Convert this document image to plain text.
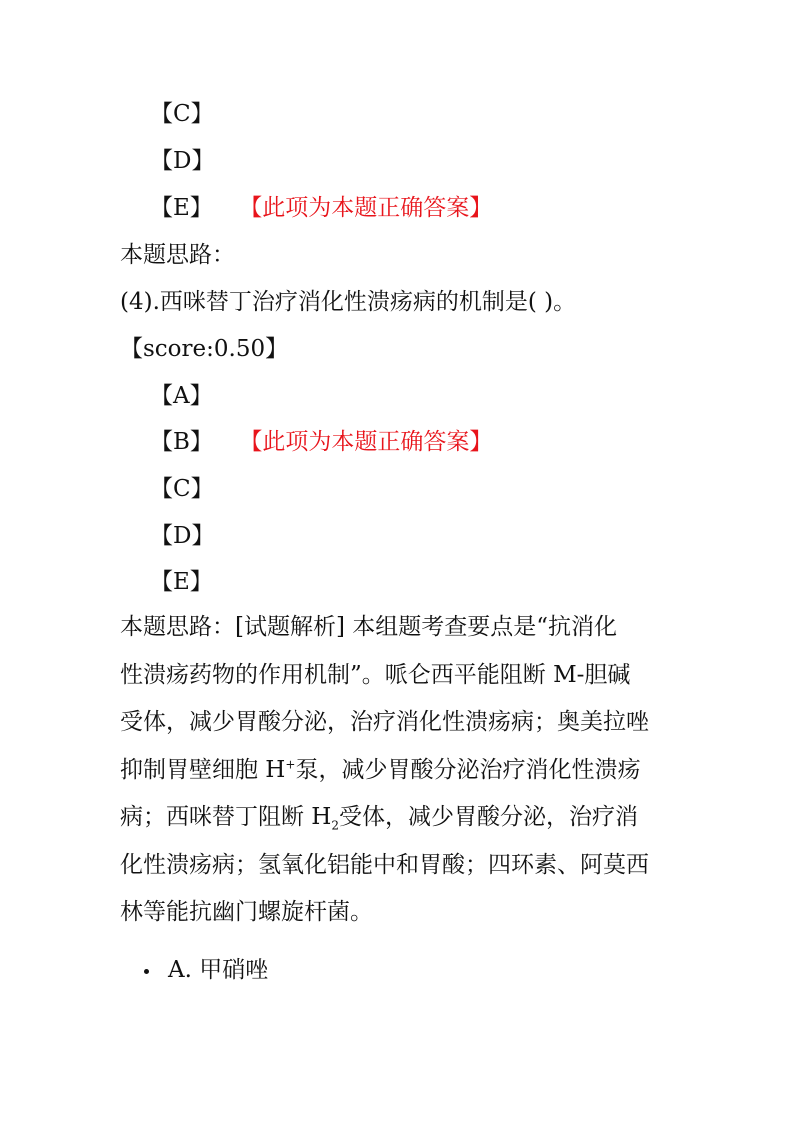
【C】
【D】
【E】 【此项为本题正确答案】
本题思路：
(4).西咪替丁治疗消化性溃疡病的机制是( )。
【score:0.50】
【A】
【B】 【此项为本题正确答案】
【C】
【D】
【E】
本题思路：[试题解析] 本组题考查要点是“抗消化
性溃疡药物的作用机制”。哌仑西平能阻断 M-胆碱
受体，减少胃酸分泌，治疗消化性溃疡病；奥美拉唑
抑制胃壁细胞 H+泵，减少胃酸分泌治疗消化性溃疡
病；西咪替丁阻断 $H_2$受体，减少胃酸分泌，治疗消
化性溃疡病；氢氧化铝能中和胃酸；四环素、阿莫西
林等能抗幽门螺旋杆菌。
A. 甲硝唑
